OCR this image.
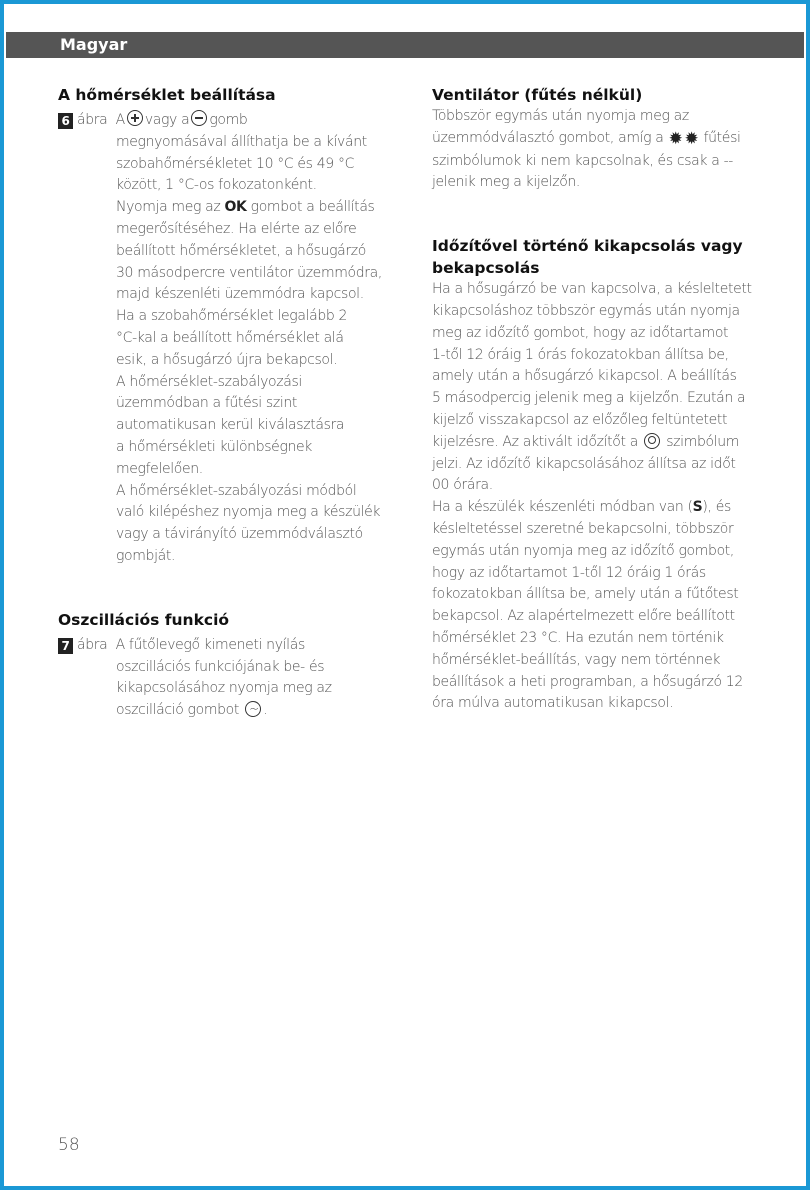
Magyar
A hőmérséklet beállítása
6 ábra
A vagy a gomb
megnyomásával állíthatja be a kívánt
szobahőmérsékletet 10 °C és 49 °C
között, 1 °C-os fokozatonként.
Nyomja meg az OK gombot a beállítás
megerősítéséhez. Ha elérte az előre
beállított hőmérsékletet, a hősugárzó
30 másodpercre ventilátor üzemmódra,
majd készenléti üzemmódra kapcsol.
Ha a szobahőmérséklet legalább 2
°C-kal a beállított hőmérséklet alá
esik, a hősugárzó újra bekapcsol.
A hőmérséklet-szabályozási
üzemmódban a fűtési szint
automatikusan kerül kiválasztásra
a hőmérsékleti különbségnek
megfelelően.
A hőmérséklet-szabályozási módból
való kilépéshez nyomja meg a készülék
vagy a távirányító üzemmódválasztó
gombját.
Oszcillációs funkció
7 ábra
A fűtőlevegő kimeneti nyílás
oszcillációs funkciójának be- és
kikapcsolásához nyomja meg az
oszcilláció gombot ~ .
Ventilátor (fűtés nélkül)
Többször egymás után nyomja meg az
üzemmódválasztó gombot, amíg a ✹ ✹ fűtési
szimbólumok ki nem kapcsolnak, és csak a --
jelenik meg a kijelzőn.
Időzítővel történő kikapcsolás vagy
bekapcsolás
Ha a hősugárzó be van kapcsolva, a késleltetett
kikapcsoláshoz többször egymás után nyomja
meg az időzítő gombot, hogy az időtartamot
1-től 12 óráig 1 órás fokozatokban állítsa be,
amely után a hősugárzó kikapcsol. A beállítás
5 másodpercig jelenik meg a kijelzőn. Ezután a
kijelző visszakapcsol az előzőleg feltüntetett
kijelzésre. Az aktivált időzítőt a szimbólum
jelzi. Az időzítő kikapcsolásához állítsa az időt
00 órára.
Ha a készülék készenléti módban van (S), és
késleltetéssel szeretné bekapcsolni, többször
egymás után nyomja meg az időzítő gombot,
hogy az időtartamot 1-től 12 óráig 1 órás
fokozatokban állítsa be, amely után a fűtőtest
bekapcsol. Az alapértelmezett előre beállított
hőmérséklet 23 °C. Ha ezután nem történik
hőmérséklet-beállítás, vagy nem történnek
beállítások a heti programban, a hősugárzó 12
óra múlva automatikusan kikapcsol.
58
